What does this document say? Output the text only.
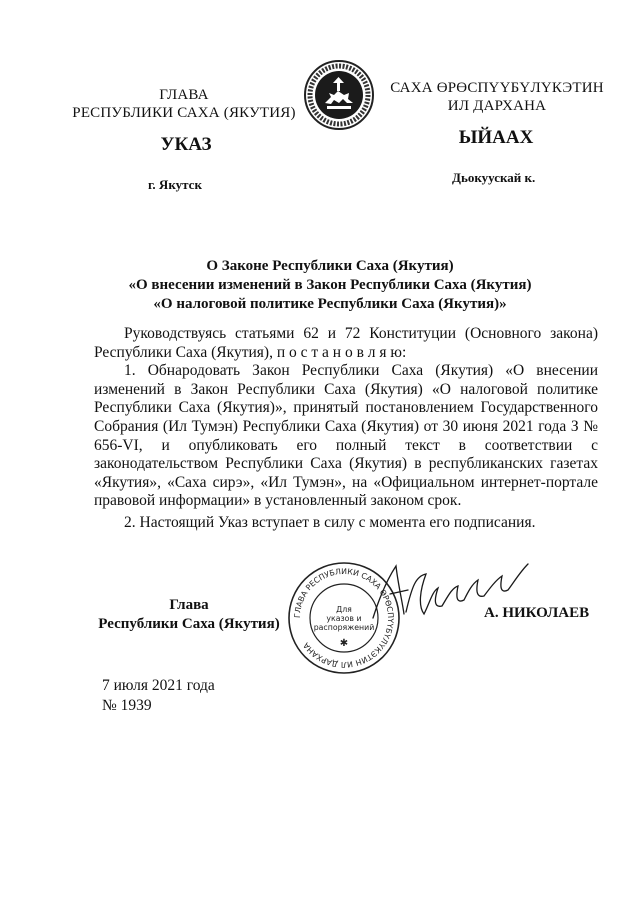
ГЛАВА
РЕСПУБЛИКИ САХА (ЯКУТИЯ)
САХА ӨРӨСПҮҮБҮЛҮКЭТИН
ИЛ ДАРХАНА
УКАЗ	ЫЙААХ
г. Якутск	Дьокуускай к.
О Законе Республики Саха (Якутия)
«О внесении изменений в Закон Республики Саха (Якутия)
«О налоговой политике Республики Саха (Якутия)»

Руководствуясь статьями 62 и 72 Конституции (Основного закона) Республики Саха (Якутия), п о с т а н о в л я ю:

1. Обнародовать Закон Республики Саха (Якутия) «О внесении изменений в Закон Республики Саха (Якутия) «О налоговой политике Республики Саха (Якутия)», принятый постановлением Государственного Собрания (Ил Тумэн) Республики Саха (Якутия) от 30 июня 2021 года З № 656-VI, и опубликовать его полный текст в соответствии с законодательством Республики Саха (Якутия) в республиканских газетах «Якутия», «Саха сирэ», «Ил Тумэн», на «Официальном интернет-портале правовой информации» в установленный законом срок.

2. Настоящий Указ вступает в силу с момента его подписания.

Глава
Республики Саха (Якутия)
ГЛАВА РЕСПУБЛИКИ САХА ӨРӨСПҮҮБҮЛҮКЭТИН ИЛ ДАРХАНА
Для
указов и
распоряжений
✱
А. НИКОЛАЕВ
7 июля 2021 года
№ 1939
